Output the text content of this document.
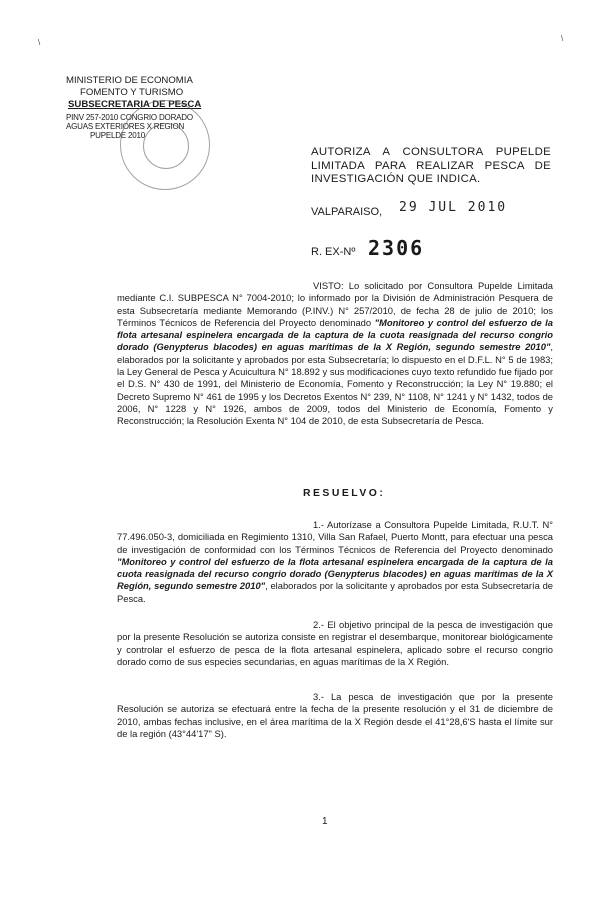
\	\
MINISTERIO DE ECONOMIA
FOMENTO Y TURISMO
SUBSECRETARIA DE PESCA
PINV 257-2010 CONGRIO DORADO
AGUAS EXTERIORES X REGION
PUPELDE 2010	​
AUTORIZA A CONSULTORA PUPELDE LIMITADA PARA REALIZAR PESCA DE INVESTIGACIÓN QUE INDICA.
VALPARAISO, 29 JUL 2010
R. EX-Nº 2306
VISTO: Lo solicitado por Consultora Pupelde Limitada mediante C.I. SUBPESCA N° 7004-2010; lo informado por la División de Administración Pesquera de esta Subsecretaría mediante Memorando (P.INV.) N° 257/2010, de fecha 28 de julio de 2010; los Términos Técnicos de Referencia del Proyecto denominado "Monitoreo y control del esfuerzo de la flota artesanal espinelera encargada de la captura de la cuota reasignada del recurso congrio dorado (Genypterus blacodes) en aguas marítimas de la X Región, segundo semestre 2010", elaborados por la solicitante y aprobados por esta Subsecretaría; lo dispuesto en el D.F.L. N° 5 de 1983; la Ley General de Pesca y Acuicultura N° 18.892 y sus modificaciones cuyo texto refundido fue fijado por el D.S. N° 430 de 1991, del Ministerio de Economía, Fomento y Reconstrucción; la Ley N° 19.880; el Decreto Supremo N° 461 de 1995 y los Decretos Exentos N° 239, N° 1108, N° 1241 y N° 1432, todos de 2006, N° 1228 y N° 1926, ambos de 2009, todos del Ministerio de Economía, Fomento y Reconstrucción; la Resolución Exenta N° 104 de 2010, de esta Subsecretaría de Pesca.
RESUELVO:
1.- Autorízase a Consultora Pupelde Limitada, R.U.T. N° 77.496.050-3, domiciliada en Regimiento 1310, Villa San Rafael, Puerto Montt, para efectuar una pesca de investigación de conformidad con los Términos Técnicos de Referencia del Proyecto denominado "Monitoreo y control del esfuerzo de la flota artesanal espinelera encargada de la captura de la cuota reasignada del recurso congrio dorado (Genypterus blacodes) en aguas marítimas de la X Región, segundo semestre 2010", elaborados por la solicitante y aprobados por esta Subsecretaría de Pesca.
2.- El objetivo principal de la pesca de investigación que por la presente Resolución se autoriza consiste en registrar el desembarque, monitorear biológicamente y controlar el esfuerzo de pesca de la flota artesanal espinelera, aplicado sobre el recurso congrio dorado como de sus especies secundarias, en aguas marítimas de la X Región.
3.- La pesca de investigación que por la presente Resolución se autoriza se efectuará entre la fecha de la presente resolución y el 31 de diciembre de 2010, ambas fechas inclusive, en el área marítima de la X Región desde el 41°28,6'S hasta el límite sur de la región (43°44'17" S).
1
